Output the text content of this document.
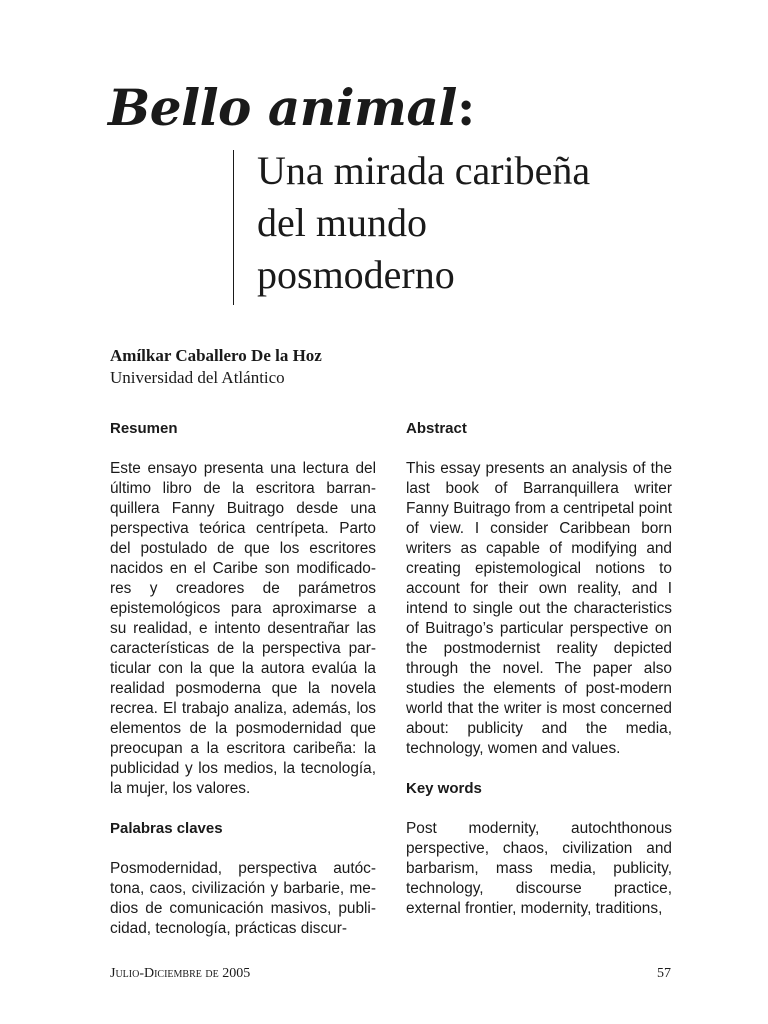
Bello animal:
Una mirada caribeña
del mundo
posmoderno

Amílkar Caballero De la Hoz

Universidad del Atlántico

Resumen

Este ensayo presenta una lectura del último libro de la escritora barranquillera Fanny Buitrago desde una perspectiva teórica centrípeta. Parto del postulado de que los escritores nacidos en el Caribe son modificadores y creadores de parámetros epistemológicos para aproximarse a su realidad, e intento desentrañar las características de la perspectiva particular con la que la autora evalúa la realidad posmoderna que la novela recrea. El trabajo analiza, además, los elementos de la posmodernidad que preocupan a la escritora caribeña: la publicidad y los medios, la tecnología, la mujer, los valores.

Palabras claves

Posmodernidad, perspectiva autóctona, caos, civilización y barbarie, medios de comunicación masivos, publicidad, tecnología, prácticas discur-

Abstract

This essay presents an analysis of the last book of Barranquillera writer Fanny Buitrago from a centripetal point of view. I consider Caribbean born writers as capable of modifying and creating epistemological notions to account for their own reality, and I intend to single out the characteristics of Buitrago’s particular perspective on the postmodernist reality depicted through the novel. The paper also studies the elements of post-modern world that the writer is most concerned about: publicity and the media, technology, women and values.

Key words

Post modernity, autochthonous perspective, chaos, civilization and barbarism, mass media, publicity, technology, discourse practice, external frontier, modernity, traditions,

Julio-Diciembre de 2005	57
